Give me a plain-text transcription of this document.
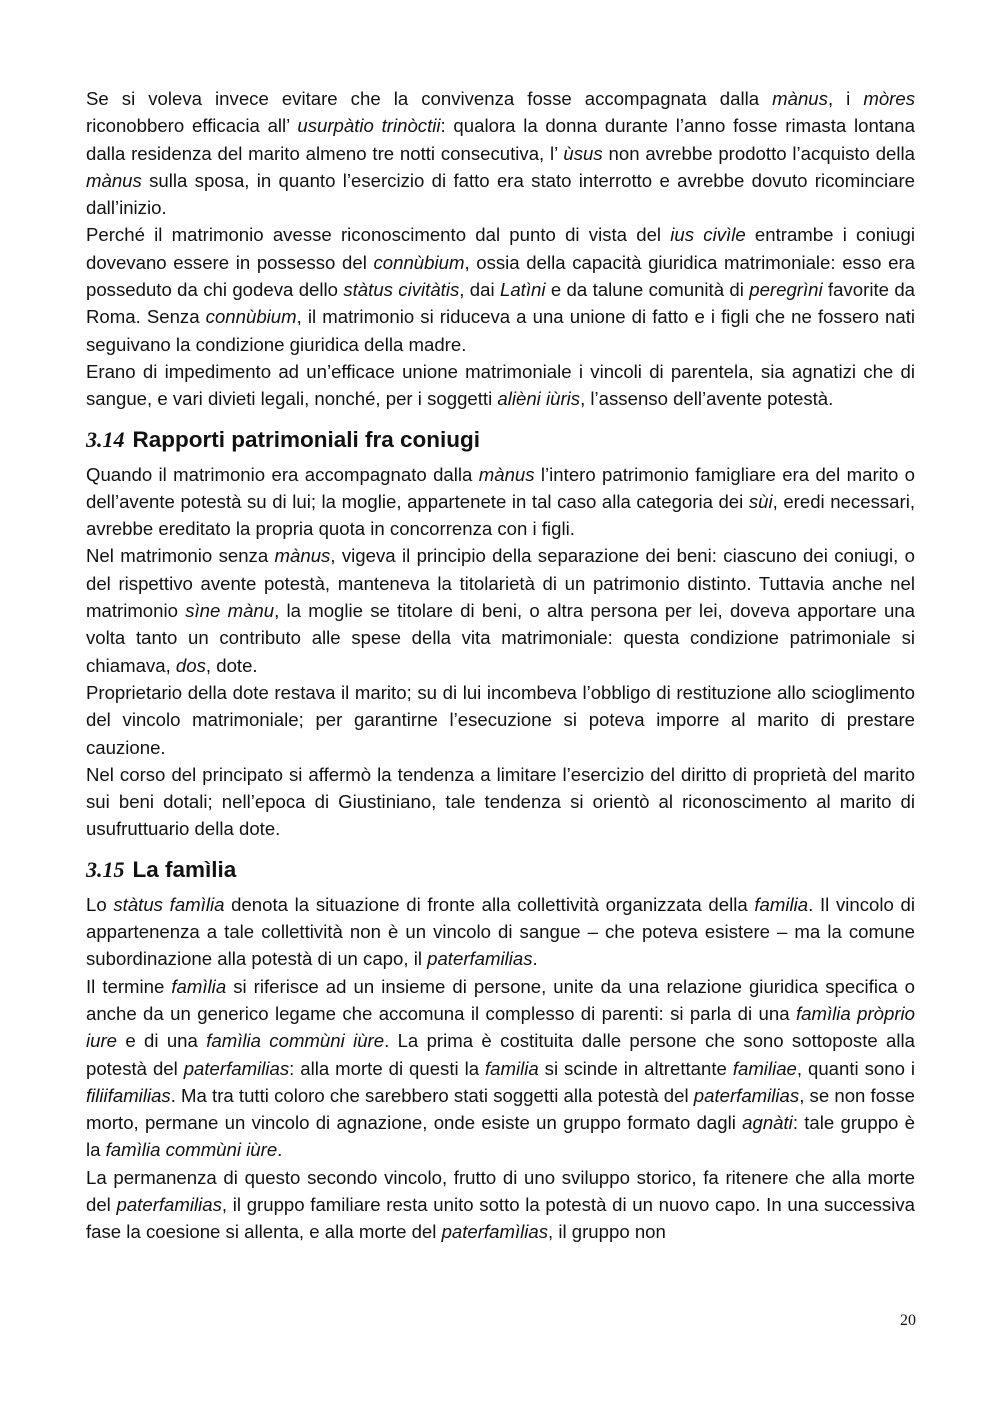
Se si voleva invece evitare che la convivenza fosse accompagnata dalla mànus, i mòres riconobbero efficacia all’ usurpàtio trinòctii: qualora la donna durante l’anno fosse rimasta lontana dalla residenza del marito almeno tre notti consecutiva, l’ ùsus non avrebbe prodotto l’acquisto della mànus sulla sposa, in quanto l’esercizio di fatto era stato interrotto e avrebbe dovuto ricominciare dall’inizio.

Perché il matrimonio avesse riconoscimento dal punto di vista del ius civìle entrambe i coniugi dovevano essere in possesso del connùbium, ossia della capacità giuridica matrimoniale: esso era posseduto da chi godeva dello stàtus civitàtis, dai Latìni e da talune comunità di peregrìni favorite da Roma. Senza connùbium, il matrimonio si riduceva a una unione di fatto e i figli che ne fossero nati seguivano la condizione giuridica della madre.

Erano di impedimento ad un’efficace unione matrimoniale i vincoli di parentela, sia agnatizi che di sangue, e vari divieti legali, nonché, per i soggetti alièni iùris, l’assenso dell’avente potestà.

3.14 Rapporti patrimoniali fra coniugi

Quando il matrimonio era accompagnato dalla mànus l’intero patrimonio famigliare era del marito o dell’avente potestà su di lui; la moglie, appartenete in tal caso alla categoria dei sùi, eredi necessari, avrebbe ereditato la propria quota in concorrenza con i figli.

Nel matrimonio senza mànus, vigeva il principio della separazione dei beni: ciascuno dei coniugi, o del rispettivo avente potestà, manteneva la titolarietà di un patrimonio distinto. Tuttavia anche nel matrimonio sìne mànu, la moglie se titolare di beni, o altra persona per lei, doveva apportare una volta tanto un contributo alle spese della vita matrimoniale: questa condizione patrimoniale si chiamava, dos, dote.

Proprietario della dote restava il marito; su di lui incombeva l’obbligo di restituzione allo scioglimento del vincolo matrimoniale; per garantirne l’esecuzione si poteva imporre al marito di prestare cauzione.

Nel corso del principato si affermò la tendenza a limitare l’esercizio del diritto di proprietà del marito sui beni dotali; nell’epoca di Giustiniano, tale tendenza si orientò al riconoscimento al marito di usufruttuario della dote.

3.15 La famìlia

Lo stàtus famìlia denota la situazione di fronte alla collettività organizzata della familia. Il vincolo di appartenenza a tale collettività non è un vincolo di sangue – che poteva esistere – ma la comune subordinazione alla potestà di un capo, il paterfamilias.

Il termine famìlia si riferisce ad un insieme di persone, unite da una relazione giuridica specifica o anche da un generico legame che accomuna il complesso di parenti: si parla di una famìlia pròprio iure e di una famìlia commùni iùre. La prima è costituita dalle persone che sono sottoposte alla potestà del paterfamilias: alla morte di questi la familia si scinde in altrettante familiae, quanti sono i filiifamilias. Ma tra tutti coloro che sarebbero stati soggetti alla potestà del paterfamilias, se non fosse morto, permane un vincolo di agnazione, onde esiste un gruppo formato dagli agnàti: tale gruppo è la famìlia commùni iùre.

La permanenza di questo secondo vincolo, frutto di uno sviluppo storico, fa ritenere che alla morte del paterfamilias, il gruppo familiare resta unito sotto la potestà di un nuovo capo. In una successiva fase la coesione si allenta, e alla morte del paterfamìlias, il gruppo non

20
